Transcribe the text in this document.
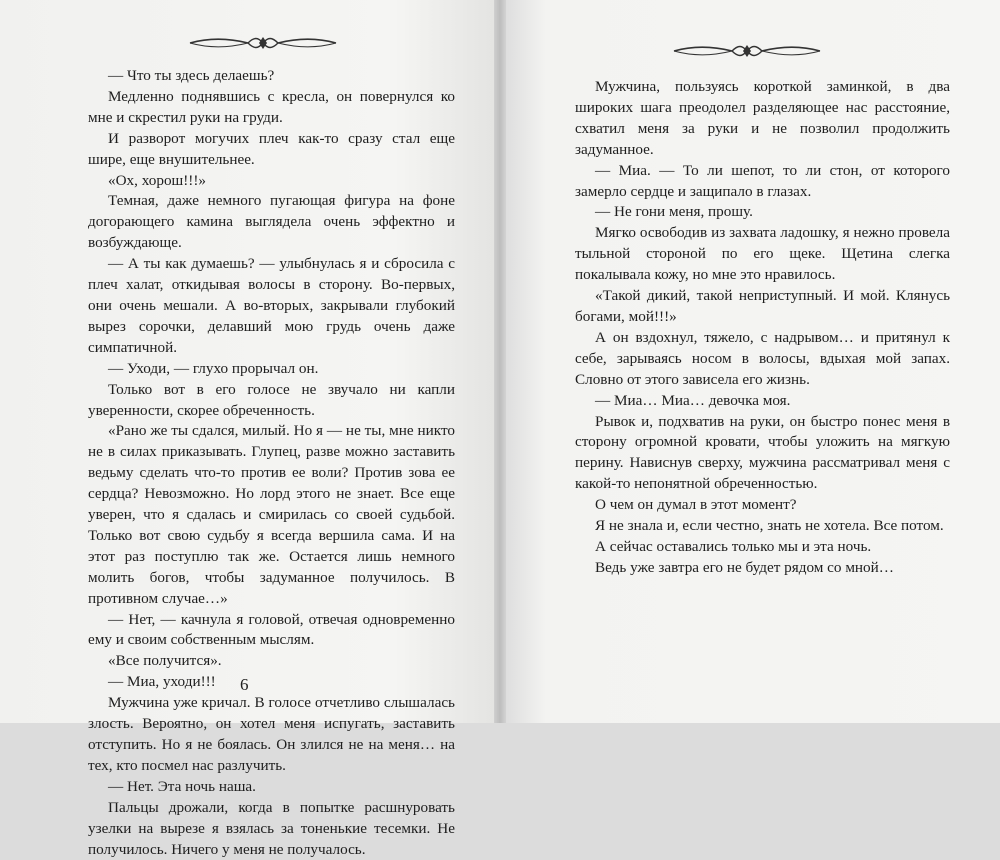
— Что ты здесь делаешь?

Медленно поднявшись с кресла, он повернулся ко мне и скрестил руки на груди.

И разворот могучих плеч как-то сразу стал еще шире, еще внушительнее.

«Ох, хорош!!!»

Темная, даже немного пугающая фигура на фоне догорающего камина выглядела очень эффектно и возбуждающе.

— А ты как думаешь? — улыбнулась я и сбросила с плеч халат, откидывая волосы в сторону. Во-первых, они очень мешали. А во-вторых, закрывали глубокий вырез сорочки, делавший мою грудь очень даже симпатичной.

— Уходи, — глухо прорычал он.

Только вот в его голосе не звучало ни капли уверенности, скорее обреченность.

«Рано же ты сдался, милый. Но я — не ты, мне никто не в силах приказывать. Глупец, разве можно заставить ведьму сделать что-то против ее воли? Против зова ее сердца? Невозможно. Но лорд этого не знает. Все еще уверен, что я сдалась и смирилась со своей судьбой. Только вот свою судьбу я всегда вершила сама. И на этот раз поступлю так же. Остается лишь немного молить богов, чтобы задуманное получилось. В противном случае…»

— Нет, — качнула я головой, отвечая одновременно ему и своим собственным мыслям.

«Все получится».

— Миа, уходи!!!

Мужчина уже кричал. В голосе отчетливо слышалась злость. Вероятно, он хотел меня испугать, заставить отступить. Но я не боялась. Он злился не на меня… на тех, кто посмел нас разлучить.

— Нет. Эта ночь наша.

Пальцы дрожали, когда в попытке расшнуровать узелки на вырезе я взялась за тоненькие тесемки. Не получилось. Ничего у меня не получалось.

6

Мужчина, пользуясь короткой заминкой, в два широких шага преодолел разделяющее нас расстояние, схватил меня за руки и не позволил продолжить задуманное.

— Миа. — То ли шепот, то ли стон, от которого замерло сердце и защипало в глазах.

— Не гони меня, прошу.

Мягко освободив из захвата ладошку, я нежно провела тыльной стороной по его щеке. Щетина слегка покалывала кожу, но мне это нравилось.

«Такой дикий, такой неприступный. И мой. Клянусь богами, мой!!!»

А он вздохнул, тяжело, с надрывом… и притянул к себе, зарываясь носом в волосы, вдыхая мой запах. Словно от этого зависела его жизнь.

— Миа… Миа… девочка моя.

Рывок и, подхватив на руки, он быстро понес меня в сторону огромной кровати, чтобы уложить на мягкую перину. Нависнув сверху, мужчина рассматривал меня с какой-то непонятной обреченностью.

О чем он думал в этот момент?

Я не знала и, если честно, знать не хотела. Все потом.

А сейчас оставались только мы и эта ночь.

Ведь уже завтра его не будет рядом со мной…
